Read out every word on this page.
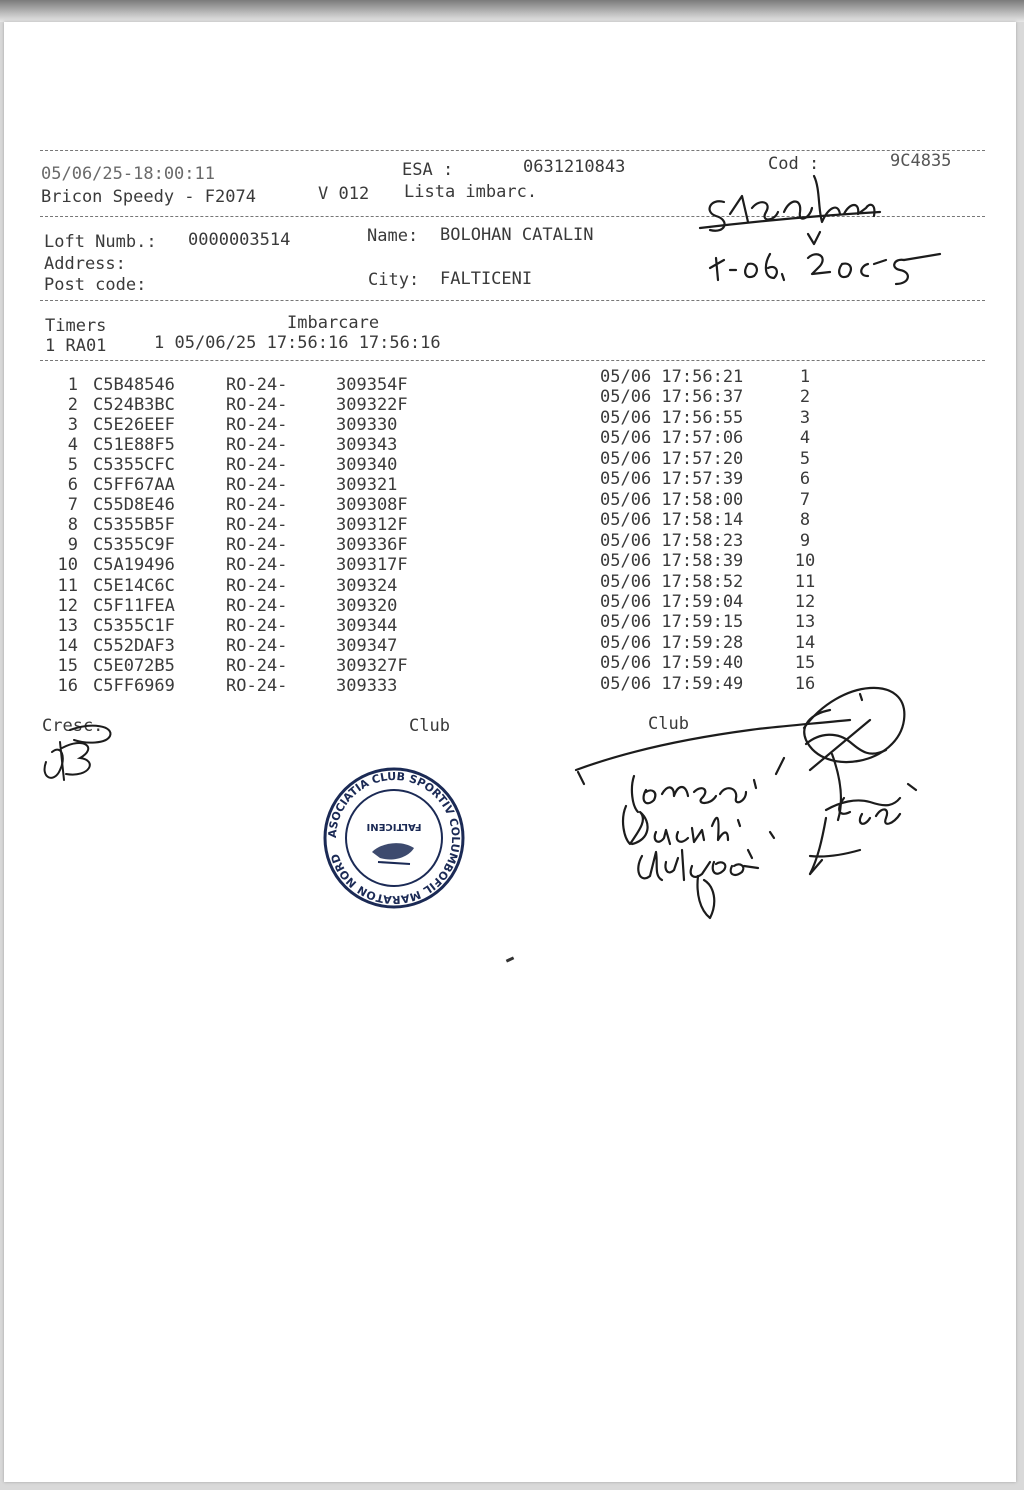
05/06/25-18:00:11	ESA :	0631210843	Cod :	9C4835
Bricon Speedy - F2074	V 012 Lista imbarc.
Loft Numb.: 0000003514	Name: BOLOHAN CATALIN
Address:
Post code:	City: FALTICENI
Timers	Imbarcare
1 RA01	1 05/06/25 17:56:16 17:56:16
1 C5B48546	RO-24-	309354F	05/06 17:56:21	1
2 C524B3BC	RO-24-	309322F	05/06 17:56:37	2
3 C5E26EEF	RO-24-	309330	05/06 17:56:55	3
4 C51E88F5	RO-24-	309343	05/06 17:57:06	4
5 C5355CFC	RO-24-	309340	05/06 17:57:20	5
6 C5FF67AA	RO-24-	309321	05/06 17:57:39	6
7 C55D8E46	RO-24-	309308F	05/06 17:58:00	7
8 C5355B5F	RO-24-	309312F	05/06 17:58:14	8
9 C5355C9F	RO-24-	309336F	05/06 17:58:23	9
10 C5A19496	RO-24-	309317F	05/06 17:58:39	10
11 C5E14C6C	RO-24-	309324	05/06 17:58:52	11
12 C5F11FEA	RO-24-	309320	05/06 17:59:04	12
13 C5355C1F	RO-24-	309344	05/06 17:59:15	13
14 C552DAF3	RO-24-	309347	05/06 17:59:28	14
15 C5E072B5	RO-24-	309327F	05/06 17:59:40	15
16 C5FF6969	RO-24-	309333	05/06 17:59:49	16
Cresc.	Club	Club
ASOCIATIA CLUB SPORTIV COLUMBOFIL MARATON NORD
FALTICENI
